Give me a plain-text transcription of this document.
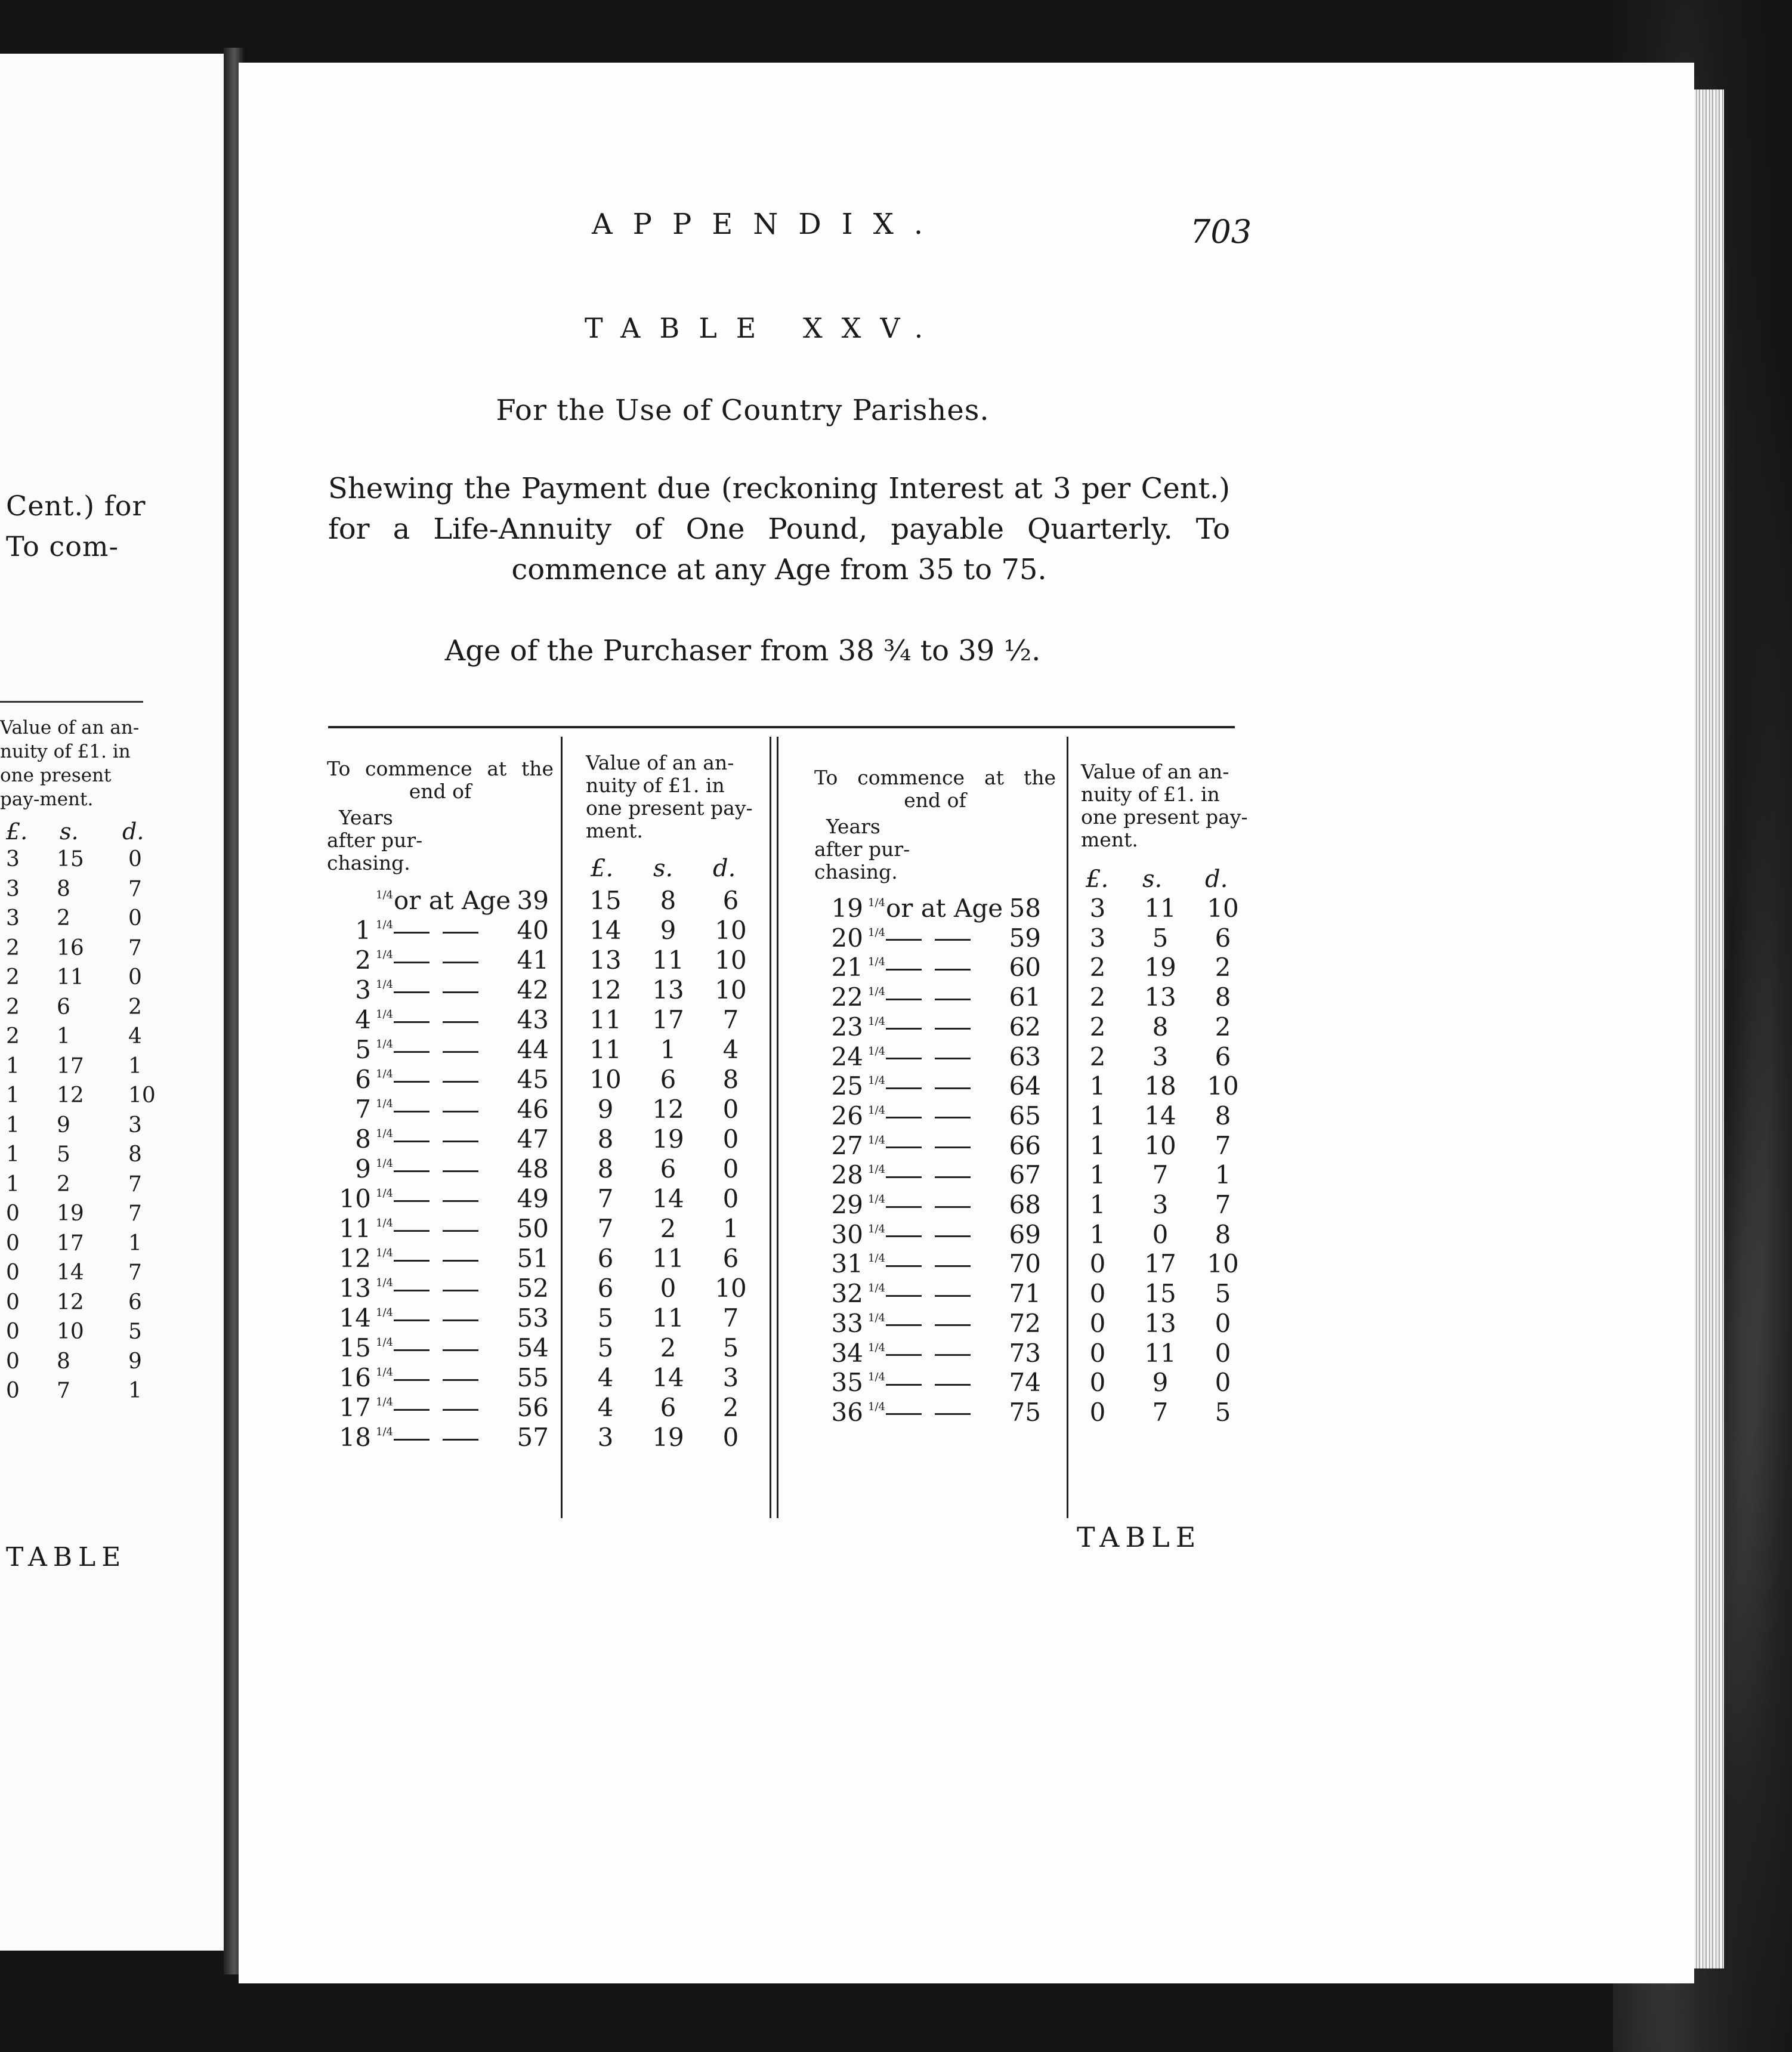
Cent.) for
To com-
Value of an an-nuity of £1. in one present pay-ment.
£. s. d.
3 15 0
3 8	7
3 2	0
2 16 7
2 11 0
2 6	2
2 1	4
1 17 1
1 12 10
1 9	3
1 5	8
1 2	7
0 19 7
0 17 1
0 14 7
0 12 6
0 10 5
0 8	9
0 7	1
TABLE
APPENDIX.	703
TABLE XXV.
For the Use of Country Parishes.
Shewing the Payment due (reckoning Interest at 3 per Cent.) for a Life-Annuity of One Pound, payable Quarterly. To commence at any Age from 35 to 75.
Age of the Purchaser from 38 ¾ to 39 ½.
To commence at the
end of
Years
after pur-
chasing.
Value of an an-
nuity of £1. in
one present pay-
ment.
£. s. d.
To commence at the
end of
Years
after pur-
chasing.
Value of an an-
nuity of £1. in
one present pay-
ment.
£. s. d.
1/4 or at Age 39 15	8	6
1 1/4	40 14	9	10
2 1/4	41 13 11 10
3 1/4	42 12 13 10
4 1/4	43 11 17	7
5 1/4	44 11	1	4
6 1/4	45 10	6	8
7 1/4	46	9	12	0
8 1/4	47	8	19	0
9 1/4	48	8	6	0
10 1/4	49	7	14	0
11 1/4	50	7	2	1
12 1/4	51	6	11	6
13 1/4	52	6	0	10
14 1/4	53	5	11	7
15 1/4	54	5	2	5
16 1/4	55	4	14	3
17 1/4	56	4	6	2
18 1/4	57	3	19	0
19 1/4 or at Age 58	3	11 10
20 1/4	59	3	5	6
21 1/4	60	2	19	2
22 1/4	61	2	13	8
23 1/4	62	2	8	2
24 1/4	63	2	3	6
25 1/4	64	1	18 10
26 1/4	65	1	14	8
27 1/4	66	1	10	7
28 1/4	67	1	7	1
29 1/4	68	1	3	7
30 1/4	69	1	0	8
31 1/4	70	0	17 10
32 1/4	71	0	15	5
33 1/4	72	0	13	0
34 1/4	73	0	11	0
35 1/4	74	0	9	0
36 1/4	75	0	7	5
TABLE
